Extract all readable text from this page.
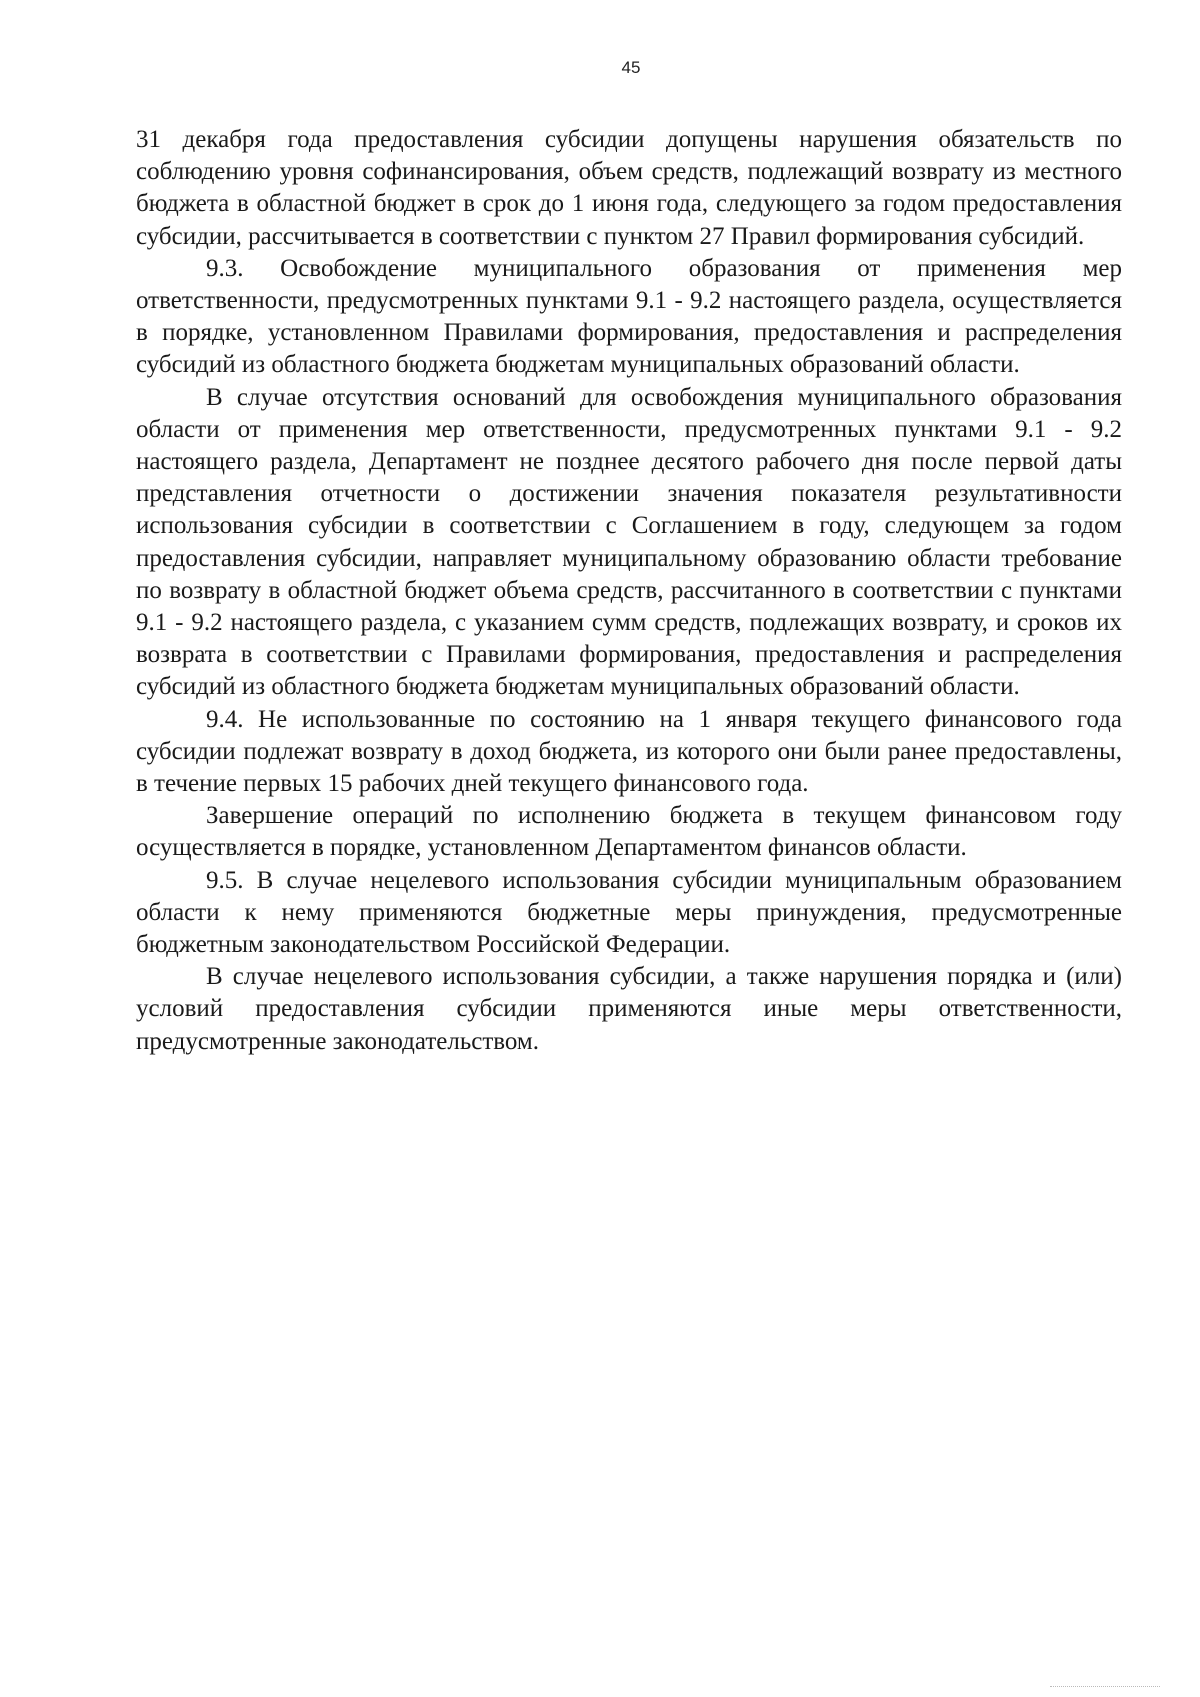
45

31 декабря года предоставления субсидии допущены нарушения обязательств по соблюдению уровня софинансирования, объем средств, подлежащий возврату из местного бюджета в областной бюджет в срок до 1 июня года, следующего за годом предоставления субсидии, рассчитывается в соответствии с пунктом 27 Правил формирования субсидий.

9.3. Освобождение муниципального образования от применения мер ответственности, предусмотренных пунктами 9.1 - 9.2 настоящего раздела, осуществляется в порядке, установленном Правилами формирования, предоставления и распределения субсидий из областного бюджета бюджетам муниципальных образований области.

В случае отсутствия оснований для освобождения муниципального образования области от применения мер ответственности, предусмотренных пунктами 9.1 - 9.2 настоящего раздела, Департамент не позднее десятого рабочего дня после первой даты представления отчетности о достижении значения показателя результативности использования субсидии в соответствии с Соглашением в году, следующем за годом предоставления субсидии, направляет муниципальному образованию области требование по возврату в областной бюджет объема средств, рассчитанного в соответствии с пунктами 9.1 - 9.2 настоящего раздела, с указанием сумм средств, подлежащих возврату, и сроков их возврата в соответствии с Правилами формирования, предоставления и распределения субсидий из областного бюджета бюджетам муниципальных образований области.

9.4. Не использованные по состоянию на 1 января текущего финансового года субсидии подлежат возврату в доход бюджета, из которого они были ранее предоставлены, в течение первых 15 рабочих дней текущего финансового года.

Завершение операций по исполнению бюджета в текущем финансовом году осуществляется в порядке, установленном Департаментом финансов области.

9.5. В случае нецелевого использования субсидии муниципальным образованием области к нему применяются бюджетные меры принуждения, предусмотренные бюджетным законодательством Российской Федерации.

В случае нецелевого использования субсидии, а также нарушения порядка и (или) условий предоставления субсидии применяются иные меры ответственности, предусмотренные законодательством.
